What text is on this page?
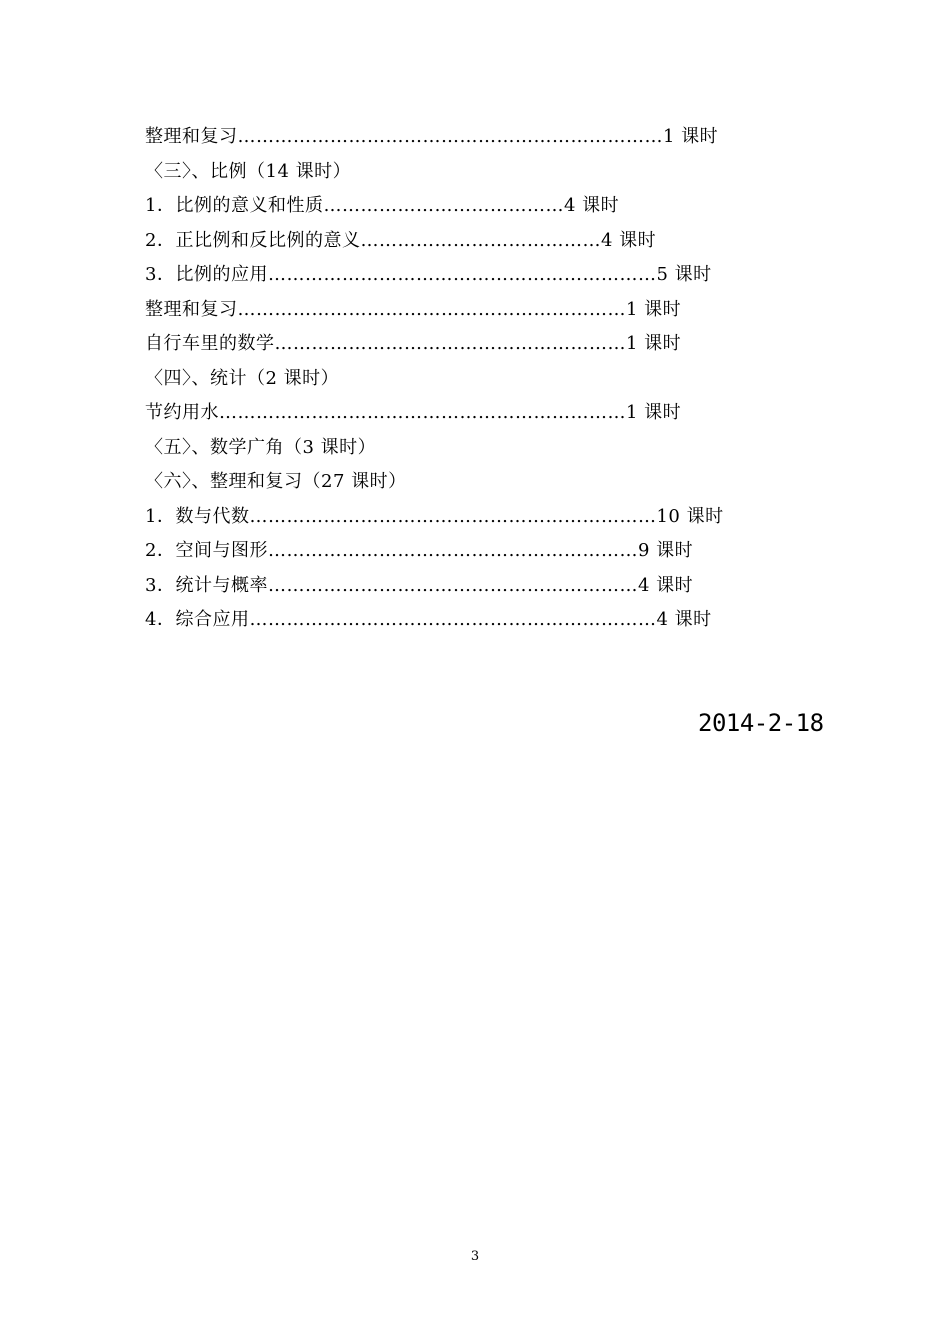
整理和复习……………………………………………………………1 课时
〈三〉、比例（14 课时）
1．比例的意义和性质…………………………………4 课时
2．正比例和反比例的意义…………………………………4 课时
3．比例的应用………………………………………………………5 课时
整理和复习………………………………………………………1 课时
自行车里的数学…………………………………………………1 课时
〈四〉、统计（2 课时）
节约用水…………………………………………………………1 课时
〈五〉、数学广角（3 课时）
〈六〉、整理和复习（27 课时）
1．数与代数…………………………………………………………10 课时
2．空间与图形……………………………………………………9 课时
3．统计与概率……………………………………………………4 课时
4．综合应用…………………………………………………………4 课时
2014-2-18
3
